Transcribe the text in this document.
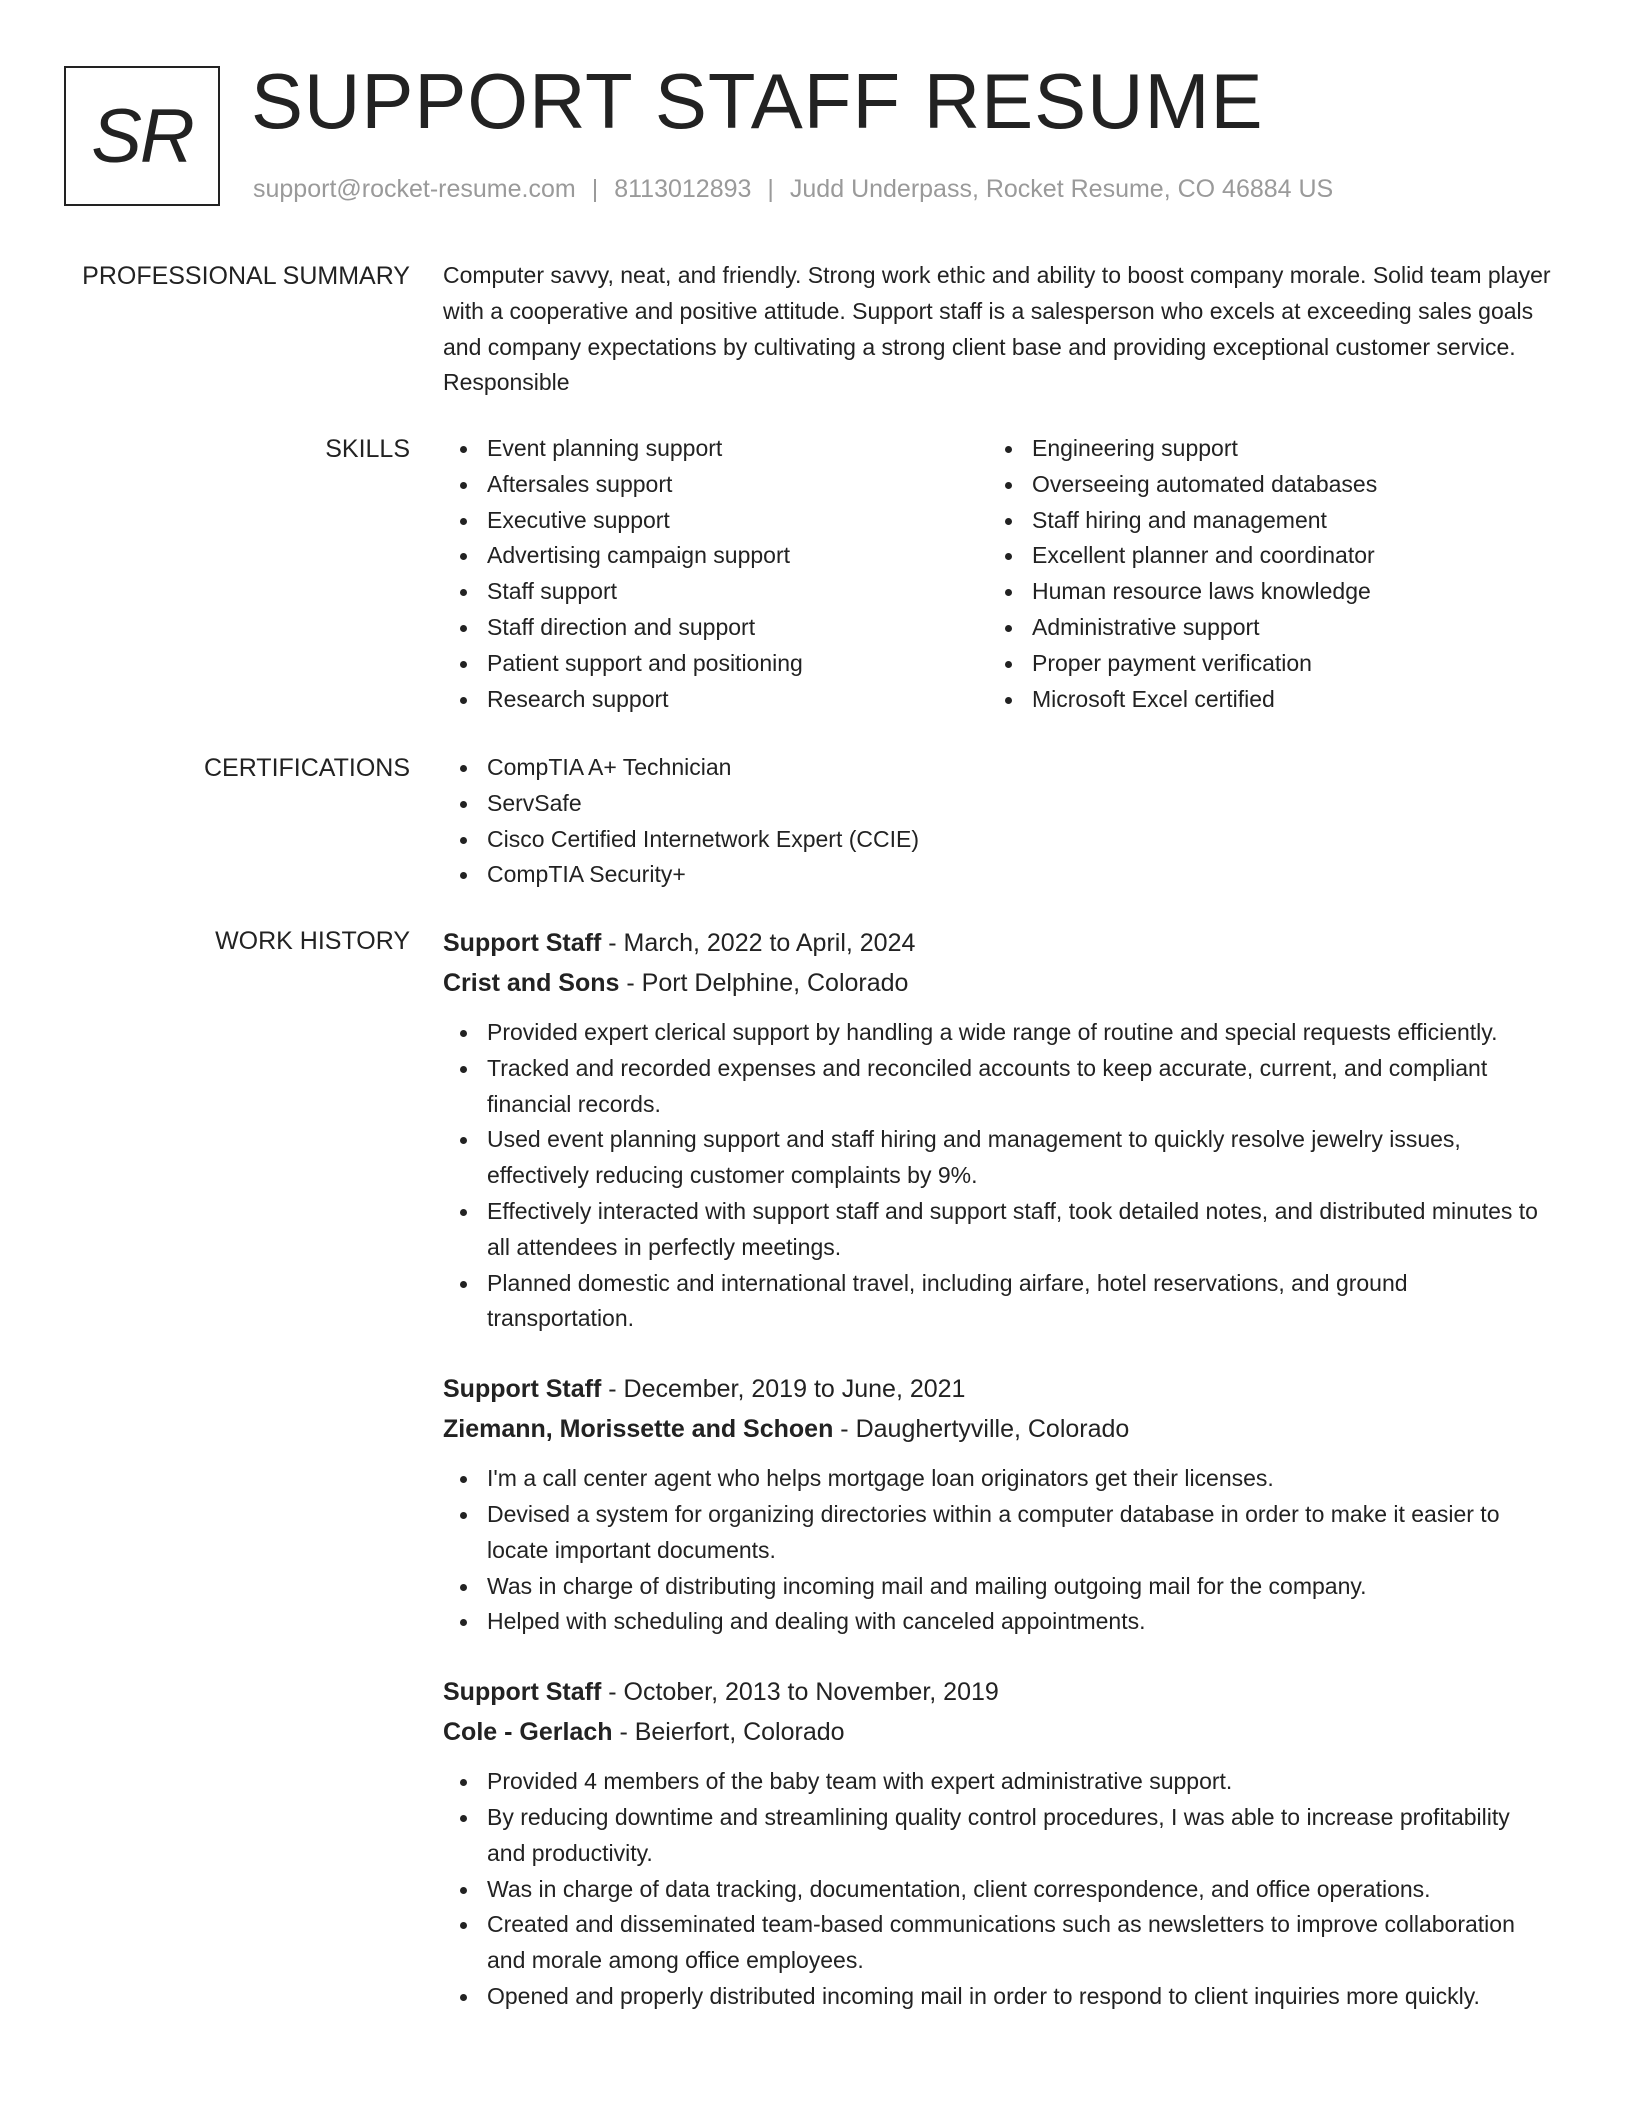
SR SUPPORT STAFF RESUME
support@rocket-resume.com | 8113012893 | Judd Underpass, Rocket Resume, CO 46884 US
PROFESSIONAL SUMMARY Computer savvy, neat, and friendly. Strong work ethic and ability to boost company morale. Solid team player with a cooperative and positive attitude. Support staff is a salesperson who excels at exceeding sales goals and company expectations by cultivating a strong client base and providing exceptional customer service. Responsible

SKILLS	Event planning support
Aftersales support
Executive support
Advertising campaign support
Staff support
Staff direction and support
Patient support and positioning
Research support
Engineering support
Overseeing automated databases
Staff hiring and management
Excellent planner and coordinator
Human resource laws knowledge
Administrative support
Proper payment verification
Microsoft Excel certified
CERTIFICATIONS	CompTIA A+ Technician
ServSafe
Cisco Certified Internetwork Expert (CCIE)
CompTIA Security+
WORK HISTORY Support Staff - March, 2022 to April, 2024
Crist and Sons - Port Delphine, Colorado
Provided expert clerical support by handling a wide range of routine and special requests efficiently.
Tracked and recorded expenses and reconciled accounts to keep accurate, current, and compliant financial records.
Used event planning support and staff hiring and management to quickly resolve jewelry issues, effectively reducing customer complaints by 9%.
Effectively interacted with support staff and support staff, took detailed notes, and distributed minutes to all attendees in perfectly meetings.
Planned domestic and international travel, including airfare, hotel reservations, and ground transportation.
Support Staff - December, 2019 to June, 2021
Ziemann, Morissette and Schoen - Daughertyville, Colorado
I'm a call center agent who helps mortgage loan originators get their licenses.
Devised a system for organizing directories within a computer database in order to make it easier to locate important documents.
Was in charge of distributing incoming mail and mailing outgoing mail for the company.
Helped with scheduling and dealing with canceled appointments.
Support Staff - October, 2013 to November, 2019
Cole - Gerlach - Beierfort, Colorado
Provided 4 members of the baby team with expert administrative support.
By reducing downtime and streamlining quality control procedures, I was able to increase profitability and productivity.
Was in charge of data tracking, documentation, client correspondence, and office operations.
Created and disseminated team-based communications such as newsletters to improve collaboration and morale among office employees.
Opened and properly distributed incoming mail in order to respond to client inquiries more quickly.
